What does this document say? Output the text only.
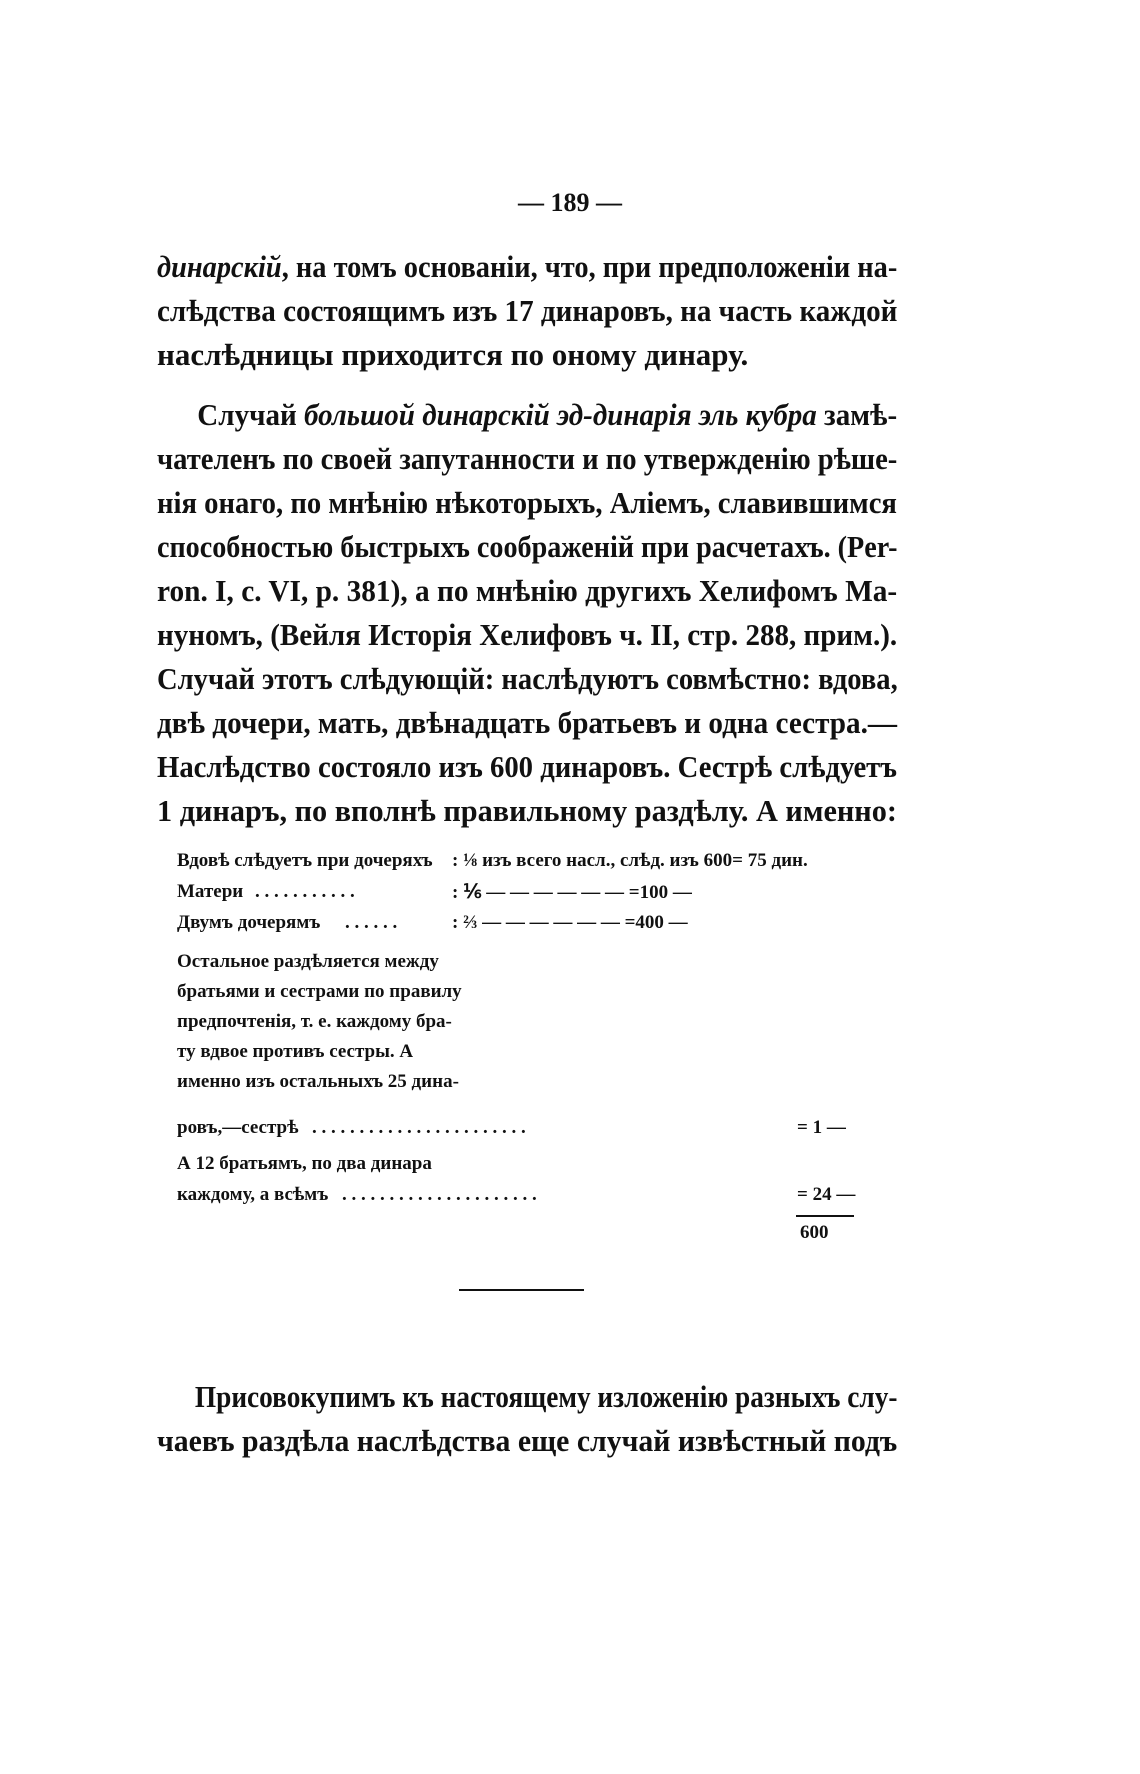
— 189 —
динарскій, на томъ основаніи, что, при предположеніи на-
слѣдства состоящимъ изъ 17 динаровъ, на часть каждой
наслѣдницы приходится по оному динару.
Случай большой динарскій эд-динарія эль кубра замѣ-
чателенъ по своей запутанности и по утвержденію рѣше-
нія онаго, по мнѣнію нѣкоторыхъ, Аліемъ, славившимся
способностью быстрыхъ соображеній при расчетахъ. (Per-
ron. I, c. VI, p. 381), а по мнѣнію другихъ Хелифомъ Ма-
нуномъ, (Вейля Исторія Хелифовъ ч. II, стр. 288, прим.).
Случай этотъ слѣдующій: наслѣдуютъ совмѣстно: вдова,
двѣ дочери, мать, двѣнадцать братьевъ и одна сестра.—
Наслѣдство состояло изъ 600 динаровъ. Сестрѣ слѣдуетъ
1 динаръ, по вполнѣ правильному раздѣлу. А именно:
Вдовѣ слѣдуетъ при дочеряхъ : ⅛ изъ всего насл., слѣд. изъ 600= 75 дин.
Матери . . . . . . . . . . .	: ⅙ — — — — — — =100 —
Двумъ дочерямъ . . . . . .	: ⅔ — — — — — — =400 —
Остальное раздѣляется между
братьями и сестрами по правилу
предпочтенія, т. е. каждому бра-
ту вдвое противъ сестры. А
именно изъ остальныхъ 25 дина-
ровъ,—сестрѣ . . . . . . . . . . . . . . . . . . . . . . .	= 1 —
А 12 братьямъ, по два динара
каждому, а всѣмъ . . . . . . . . . . . . . . . . . . . . .	= 24 —
600
Присовокупимъ къ настоящему изложенію разныхъ слу-
чаевъ раздѣла наслѣдства еще случай извѣстный подъ
